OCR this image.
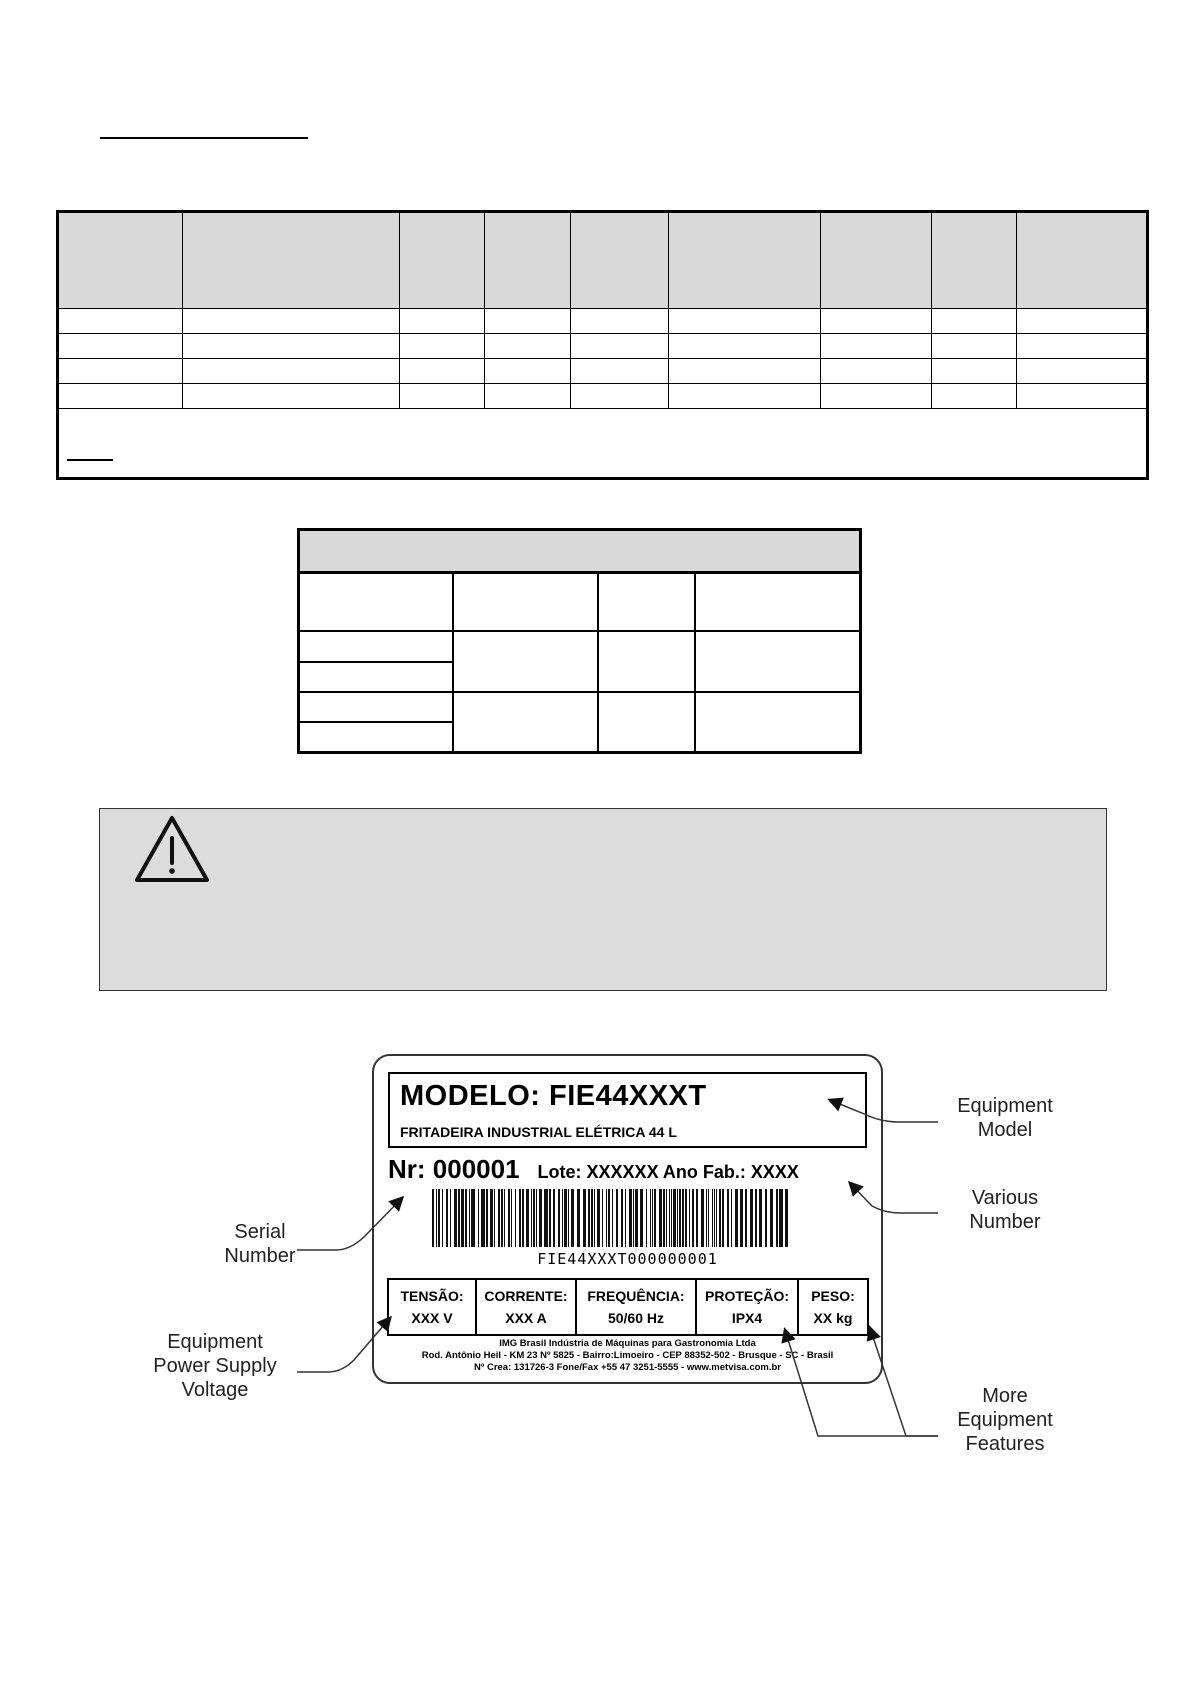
MODELO: FIE44XXXT
FRITADEIRA INDUSTRIAL ELÉTRICA 44 L
Nr: 000001 Lote: XXXXXX Ano Fab.: XXXX
FIE44XXXT000000001
TENSÃO:
XXX V
CORRENTE:
XXX A
FREQUÊNCIA:
50/60 Hz
PROTEÇÃO:
IPX4
PESO:
XX kg
IMG Brasil Indústria de Máquinas para Gastronomia Ltda
Rod. Antônio Heil - KM 23 Nº 5825 - Bairro:Limoeiro - CEP 88352-502 - Brusque - SC - Brasil
Nº Crea: 131726-3 Fone/Fax +55 47 3251-5555 - www.metvisa.com.br
Equipment
Model
Various
Number
Serial
Number
Equipment
Power Supply
Voltage	More
Equipment
Features
